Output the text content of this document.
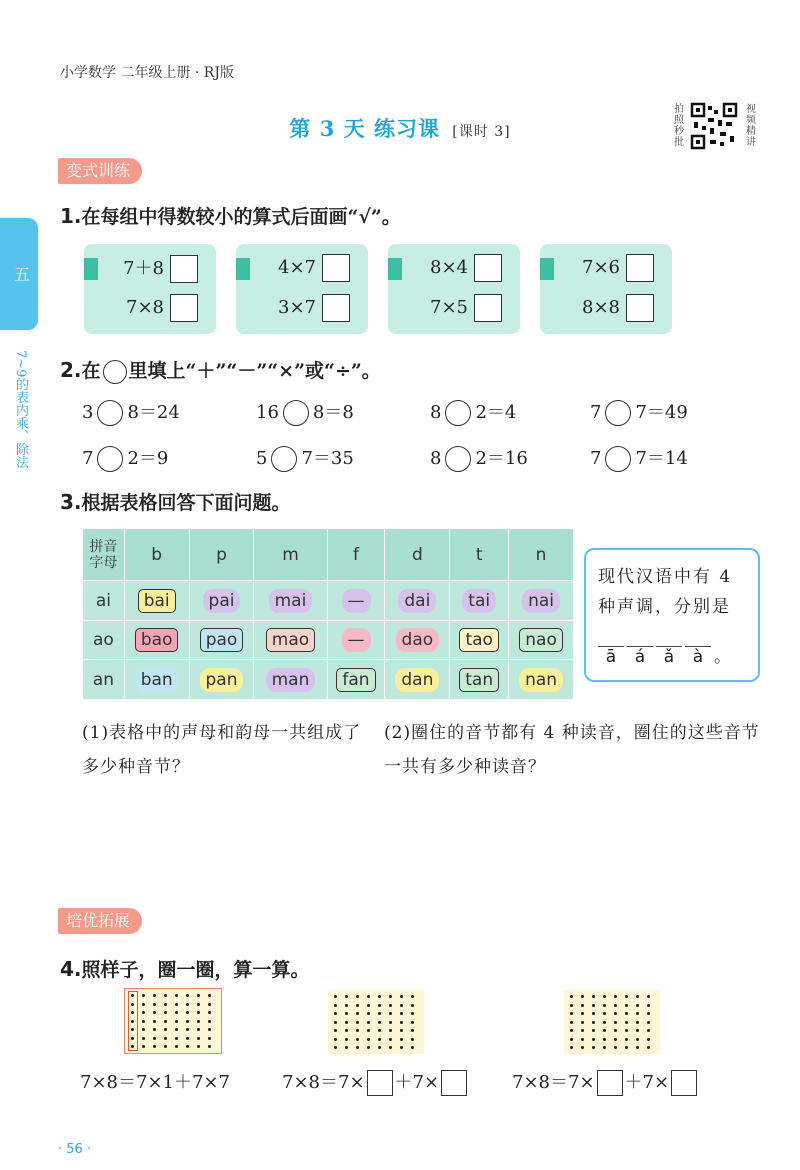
小学数学 二年级上册 · RJ版
第 3 天 练习课 [课时 3]
拍照秒批
视频精讲
五
7~9的表内乘、除法
变式训练
1.在每组中得数较小的算式后面画“√”。
7＋8
7×8
4×7
3×7
8×4
7×5
7×6
8×8
2.在 里填上“＋”“－”“×”或“÷”。
3 8＝24	16 8＝8	8 2＝4	7 7＝49
7 2＝9	5 7＝35	8 2＝16	7 7＝14
3.根据表格回答下面问题。
拼音
字母	b	p	m	f	d	t	n
ai	bai	pai	mai	—	dai	tai	nai
ao	bao	pao	mao	—	dao	tao	nao
an	ban	pan	man	fan	dan	tan	nan
现代汉语中有 4 种声调，分别是
ā á ǎ à 。
(1)表格中的声母和韵母一共组成了多少种音节？
(2)圈住的音节都有 4 种读音，圈住的这些音节一共有多少种读音？
培优拓展
4.照样子，圈一圈，算一算。
7×8＝7×1＋7×7	7×8＝7× ＋7×	7×8＝7× ＋7×
· 56 ·
